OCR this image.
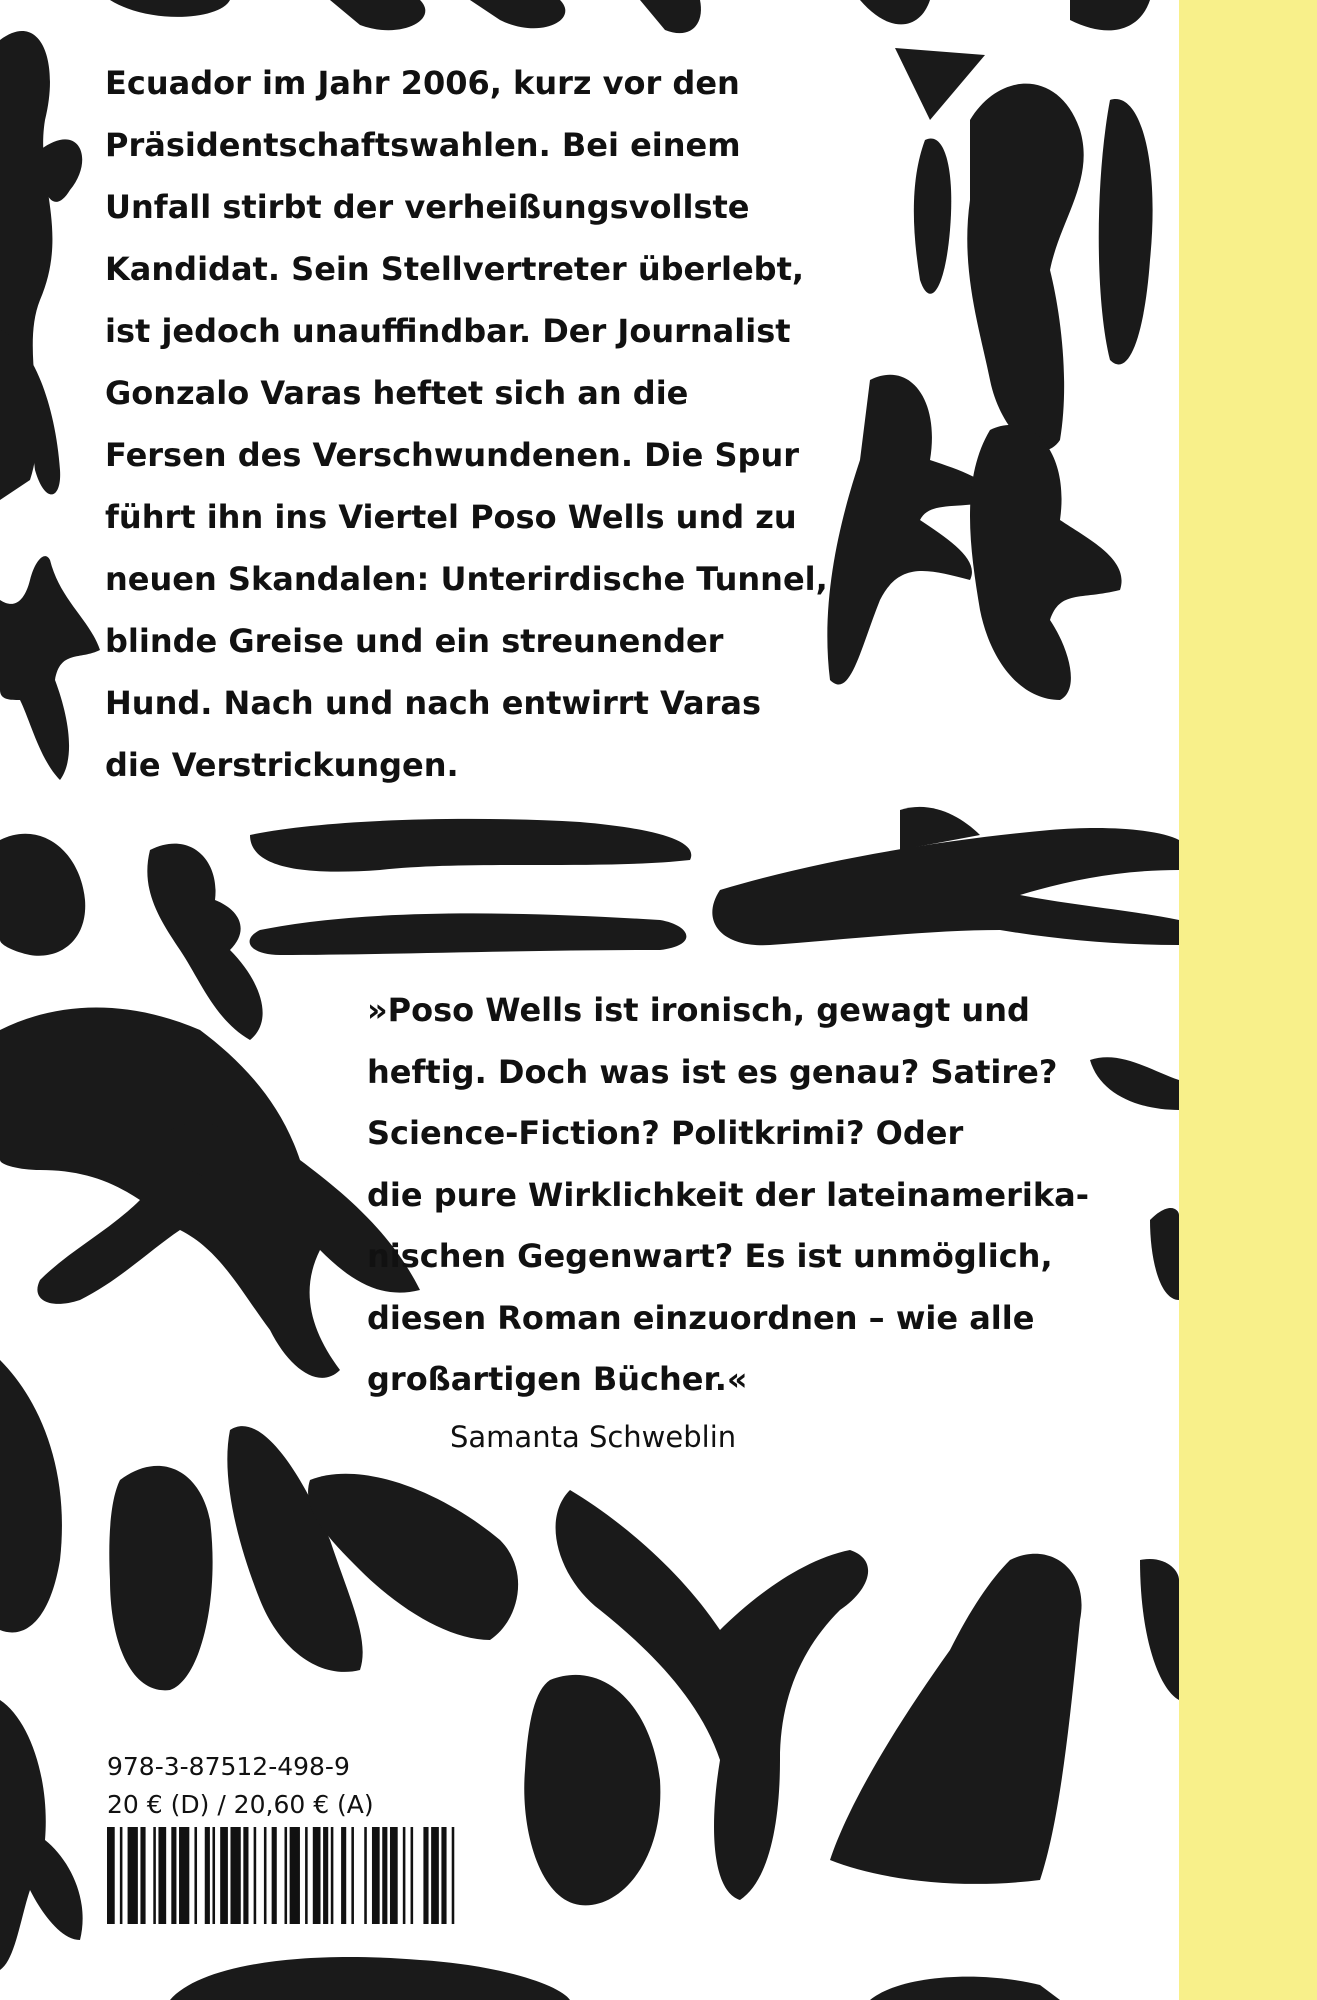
Ecuador im Jahr 2006, kurz vor den
Präsidentschaftswahlen. Bei einem
Unfall stirbt der verheißungsvollste
Kandidat. Sein Stellvertreter überlebt,
ist jedoch unauffindbar. Der Journalist
Gonzalo Varas heftet sich an die
Fersen des Verschwundenen. Die Spur
führt ihn ins Viertel Poso Wells und zu
neuen Skandalen: Unterirdische Tunnel,
blinde Greise und ein streunender
Hund. Nach und nach entwirrt Varas
die Verstrickungen.

»Poso Wells ist ironisch, gewagt und
heftig. Doch was ist es genau? Satire?
Science-Fiction? Politkrimi? Oder
die pure Wirklichkeit der lateinamerika-
nischen Gegenwart? Es ist unmöglich,
diesen Roman einzuordnen – wie alle
großartigen Bücher.«

Samanta Schweblin
978-3-87512-498-9
20 € (D) / 20,60 € (A)
